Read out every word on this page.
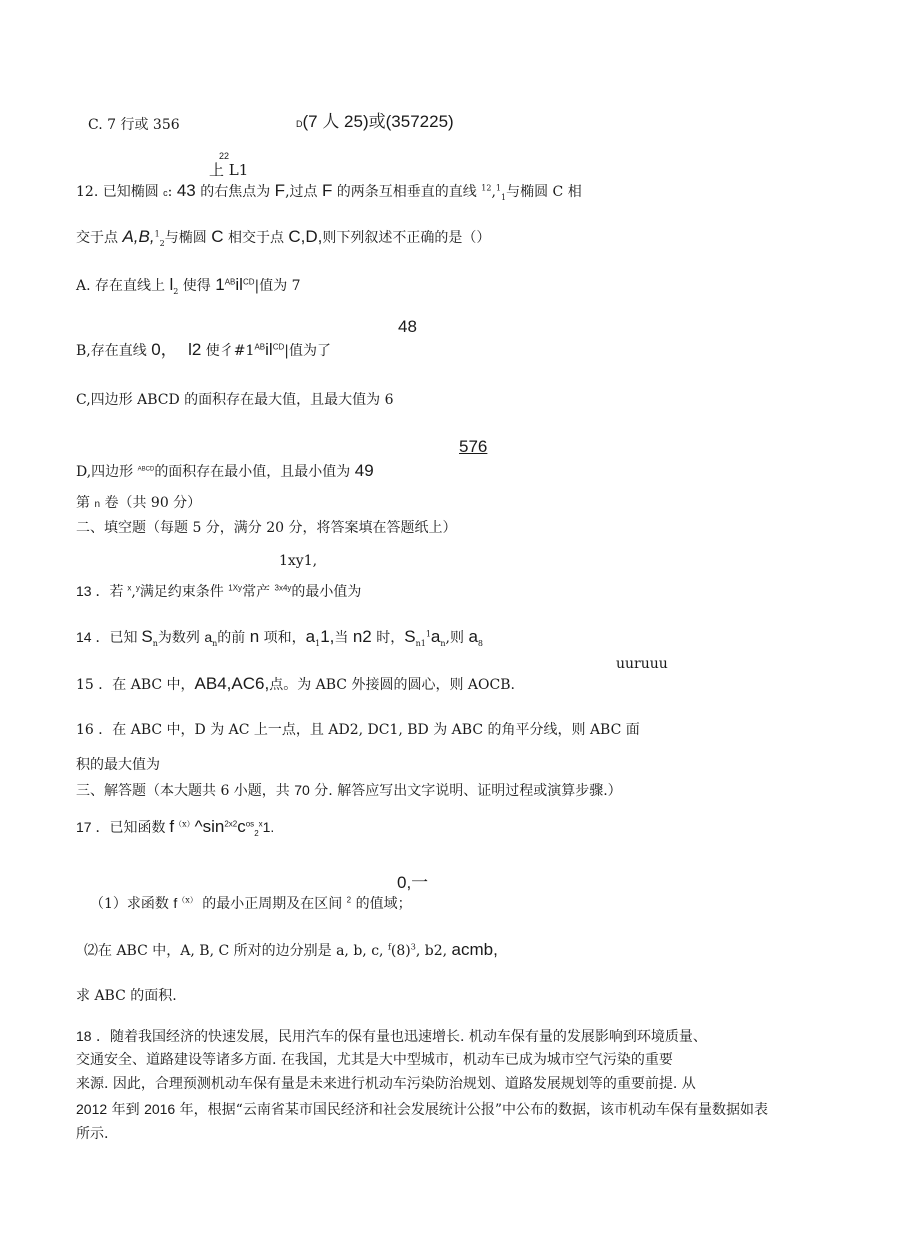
C. 7 行或 356	D(7 人 25)或(357225)
22
上 L1
12. 已知椭圆 c: 43 的右焦点为 F,过点 F 的两条互相垂直的直线 $^{12}$,$^1_1$与椭圆 C 相
交于点 A,B,$^1_2$与椭圆 C 相交于点 C,D,则下列叙述不正确的是（）
A. 存在直线上 $l_2$ 使得 $1^{AB}il^{CD}|$值为 7
48
B,存在直线 0， l2 使彳$\#1^{AB}il^{CD}|$值为了
C,四边形 ABCD 的面积存在最大值，且最大值为 6
576
D,四边形 $^{ABCD}$的面积存在最小值，且最小值为 49
第 n 卷（共 90 分）
二、填空题（每题 5 分，满分 20 分，将答案填在答题纸上）
1xy1,
13 ．若 $^x$,$^y$满足约束条件 $^{1Xy}$常产 $^{3x4y}$的最小值为
14 ．已知 $S_n$为数列 $a_n$的前 n 项和，$a_11$,当 n2 时，$S_{n1}^1a_n$,则 $a_8$
uuruuu
15 ．在 ABC 中，AB4,AC6,点。为 ABC 外接圆的圆心，则 AOCB.
16 ．在 ABC 中，D 为 AC 上一点，且 AD2, DC1, BD 为 ABC 的角平分线，则 ABC 面
积的最大值为
三、解答题（本大题共 6 小题，共 70 分. 解答应写出文字说明、证明过程或演算步骤.）
17 ．已知函数 $f^{(x)}\^{}\sin^{2x2}c^{os}_2^x1$.
0,一
（1）求函数 $f^{(x)}$ 的最小正周期及在区间 $^2$ 的值域；
⑵在 ABC 中，A, B, C 所对的边分别是 a, b, c, $^f(8)^3$, b2, acmb,
求 ABC 的面积.
18 ．随着我国经济的快速发展，民用汽车的保有量也迅速增长. 机动车保有量的发展影响到环境质量、
交通安全、道路建设等诸多方面. 在我国，尤其是大中型城市，机动车已成为城市空气污染的重要
来源. 因此，合理预测机动车保有量是未来进行机动车污染防治规划、道路发展规划等的重要前提. 从
2012 年到 2016 年，根据“云南省某市国民经济和社会发展统计公报”中公布的数据，该市机动车保有量数据如表
所示.
